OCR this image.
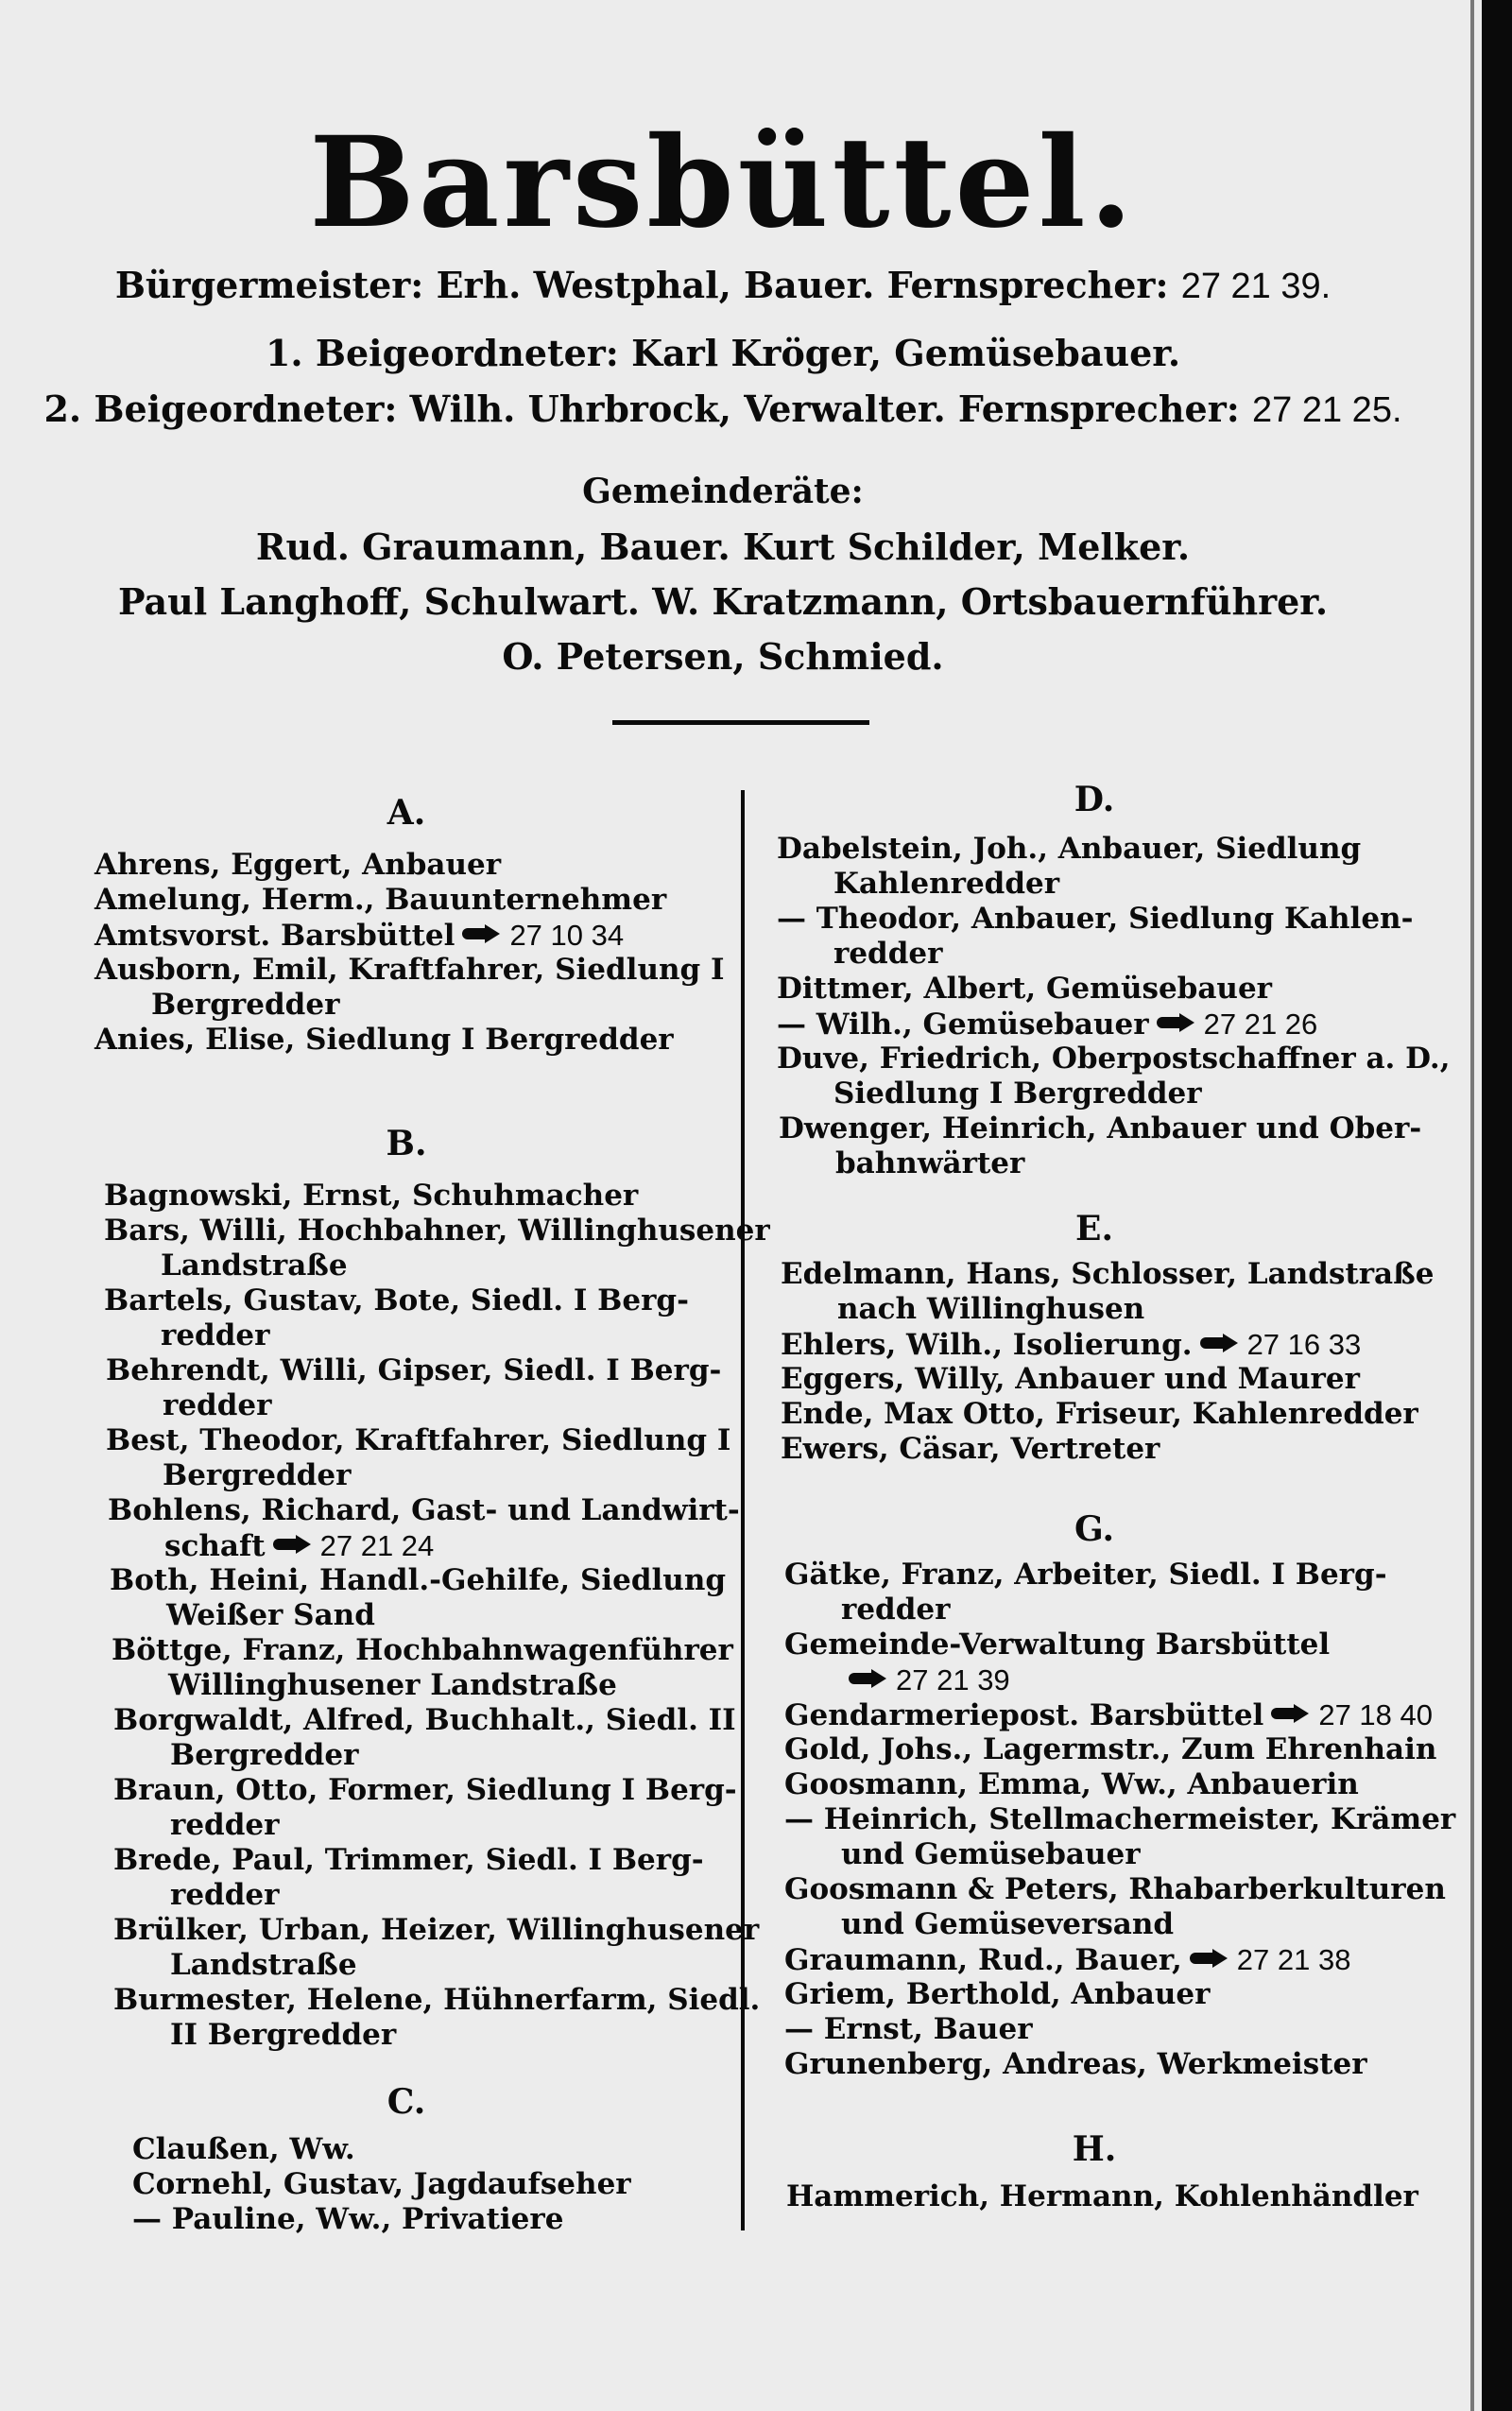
Barsbüttel.
Bürgermeister: Erh. Westphal, Bauer. Fernsprecher: 27 21 39.
1. Beigeordneter: Karl Kröger, Gemüsebauer.
2. Beigeordneter: Wilh. Uhrbrock, Verwalter. Fernsprecher: 27 21 25.
Gemeinderäte:
Rud. Graumann, Bauer. Kurt Schilder, Melker.
Paul Langhoff, Schulwart. W. Kratzmann, Ortsbauernführer.
O. Petersen, Schmied.
A.
Ahrens, Eggert, Anbauer
Amelung, Herm., Bauunternehmer
Amtsvorst. Barsbüttel 27 10 34
Ausborn, Emil, Kraftfahrer, Siedlung I
Bergredder
Anies, Elise, Siedlung I Bergredder
B.
Bagnowski, Ernst, Schuhmacher
Bars, Willi, Hochbahner, Willinghusener
Landstraße
Bartels, Gustav, Bote, Siedl. I Berg-
redder
Behrendt, Willi, Gipser, Siedl. I Berg-
redder
Best, Theodor, Kraftfahrer, Siedlung I
Bergredder
Bohlens, Richard, Gast- und Landwirt-
schaft 27 21 24
Both, Heini, Handl.-Gehilfe, Siedlung
Weißer Sand
Böttge, Franz, Hochbahnwagenführer
Willinghusener Landstraße
Borgwaldt, Alfred, Buchhalt., Siedl. II
Bergredder
Braun, Otto, Former, Siedlung I Berg-
redder
Brede, Paul, Trimmer, Siedl. I Berg-
redder
Brülker, Urban, Heizer, Willinghusener
Landstraße
Burmester, Helene, Hühnerfarm, Siedl.
II Bergredder
C.
Claußen, Ww.
Cornehl, Gustav, Jagdaufseher
— Pauline, Ww., Privatiere
D.
Dabelstein, Joh., Anbauer, Siedlung
Kahlenredder
— Theodor, Anbauer, Siedlung Kahlen-
redder
Dittmer, Albert, Gemüsebauer
— Wilh., Gemüsebauer 27 21 26
Duve, Friedrich, Oberpostschaffner a. D.,
Siedlung I Bergredder
Dwenger, Heinrich, Anbauer und Ober-
bahnwärter
E.
Edelmann, Hans, Schlosser, Landstraße
nach Willinghusen
Ehlers, Wilh., Isolierung. 27 16 33
Eggers, Willy, Anbauer und Maurer
Ende, Max Otto, Friseur, Kahlenredder
Ewers, Cäsar, Vertreter
G.
Gätke, Franz, Arbeiter, Siedl. I Berg-
redder
Gemeinde-Verwaltung Barsbüttel
27 21 39
Gendarmeriepost. Barsbüttel 27 18 40
Gold, Johs., Lagermstr., Zum Ehrenhain
Goosmann, Emma, Ww., Anbauerin
— Heinrich, Stellmachermeister, Krämer
und Gemüsebauer
Goosmann & Peters, Rhabarberkulturen
und Gemüseversand
Graumann, Rud., Bauer, 27 21 38
Griem, Berthold, Anbauer
— Ernst, Bauer
Grunenberg, Andreas, Werkmeister
H.
Hammerich, Hermann, Kohlenhändler
